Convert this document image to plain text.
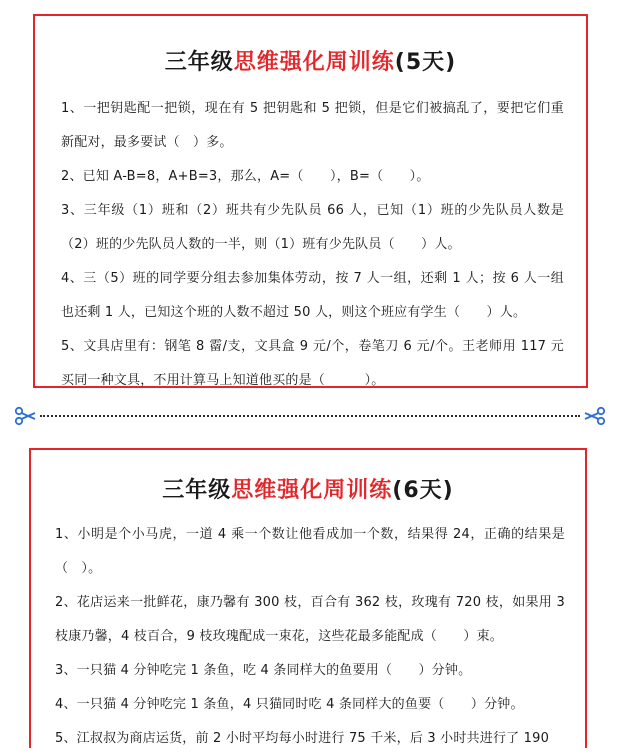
三年级思维强化周训练(5天)

1、一把钥匙配一把锁，现在有 5 把钥匙和 5 把锁，但是它们被搞乱了，要把它们重新配对，最多要试（　）多。

2、已知 A-B=8，A+B=3，那么，A=（　　），B=（　　）。

3、三年级（1）班和（2）班共有少先队员 66 人，已知（1）班的少先队员人数是（2）班的少先队员人数的一半，则（1）班有少先队员（　　）人。

4、三（5）班的同学要分组去参加集体劳动，按 7 人一组，还剩 1 人；按 6 人一组也还剩 1 人，已知这个班的人数不超过 50 人，则这个班应有学生（　　）人。

5、文具店里有：钢笔 8 霤/支，文具盒 9 元/个，卷笔刀 6 元/个。王老师用 117 元买同一种文具，不用计算马上知道他买的是（　　　）。

三年级思维强化周训练(6天)

1、小明是个小马虎，一道 4 乘一个数让他看成加一个数，结果得 24，正确的结果是（　）。

2、花店运来一批鲜花，康乃馨有 300 枝，百合有 362 枝，玫瑰有 720 枝，如果用 3 枝康乃馨，4 枝百合，9 枝玫瑰配成一束花，这些花最多能配成（　　）束。

3、一只猫 4 分钟吃完 1 条鱼，吃 4 条同样大的鱼要用（　　）分钟。

4、一只猫 4 分钟吃完 1 条鱼，4 只猫同时吃 4 条同样大的鱼要（　　）分钟。

5、江叔叔为商店运货，前 2 小时平均每小时进行 75 千米，后 3 小时共进行了 190
